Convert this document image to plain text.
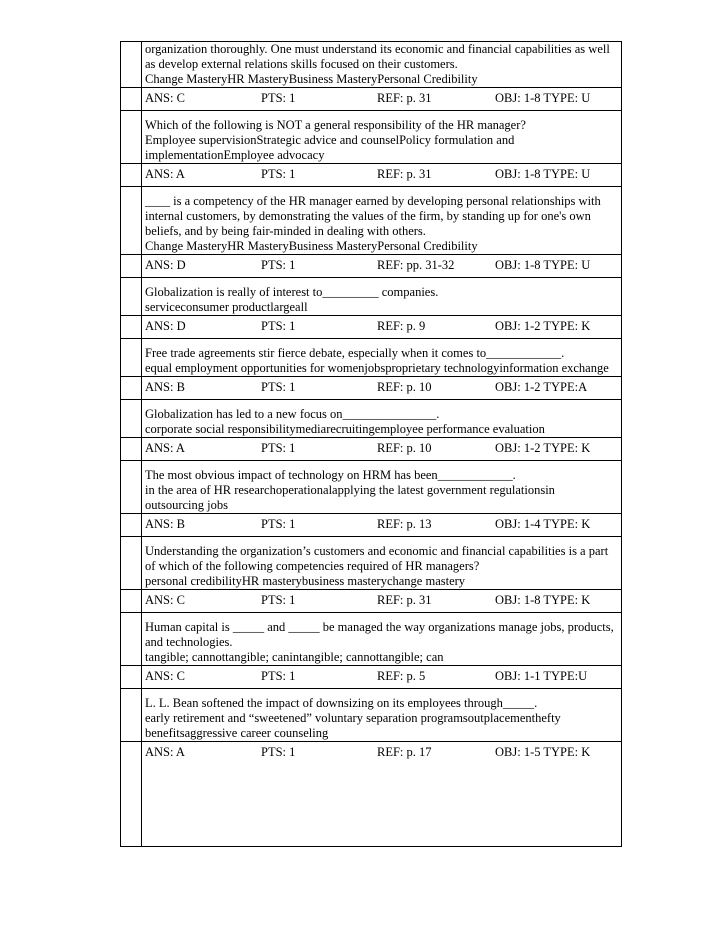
organization thoroughly. One must understand its economic and financial capabilities as well as develop external relations skills focused on their customers.
Change MasteryHR MasteryBusiness MasteryPersonal Credibility
ANS: C	PTS: 1	REF: p. 31	OBJ: 1-8 TYPE: U
Which of the following is NOT a general responsibility of the HR manager?
Employee supervisionStrategic advice and counselPolicy formulation and implementationEmployee advocacy
ANS: A	PTS: 1	REF: p. 31	OBJ: 1-8 TYPE: U
____ is a competency of the HR manager earned by developing personal relationships with internal customers, by demonstrating the values of the firm, by standing up for one's own beliefs, and by being fair-minded in dealing with others.
Change MasteryHR MasteryBusiness MasteryPersonal Credibility
ANS: D	PTS: 1	REF: pp. 31-32	OBJ: 1-8 TYPE: U
Globalization is really of interest to_________ companies.
serviceconsumer productlargeall
ANS: D	PTS: 1	REF: p. 9	OBJ: 1-2 TYPE: K
Free trade agreements stir fierce debate, especially when it comes to____________.
equal employment opportunities for womenjobsproprietary technologyinformation exchange
ANS: B	PTS: 1	REF: p. 10	OBJ: 1-2 TYPE:A
Globalization has led to a new focus on_______________.
corporate social responsibilitymediarecruitingemployee performance evaluation
ANS: A	PTS: 1	REF: p. 10	OBJ: 1-2 TYPE: K
The most obvious impact of technology on HRM has been____________.
in the area of HR researchoperationalapplying the latest government regulationsin outsourcing jobs
ANS: B	PTS: 1	REF: p. 13	OBJ: 1-4 TYPE: K
Understanding the organization’s customers and economic and financial capabilities is a part of which of the following competencies required of HR managers?
personal credibilityHR masterybusiness masterychange mastery
ANS: C	PTS: 1	REF: p. 31	OBJ: 1-8 TYPE: K
Human capital is _____ and _____ be managed the way organizations manage jobs, products, and technologies.
tangible; cannottangible; canintangible; cannottangible; can
ANS: C	PTS: 1	REF: p. 5	OBJ: 1-1 TYPE:U
L. L. Bean softened the impact of downsizing on its employees through_____.
early retirement and “sweetened” voluntary separation programsoutplacementhefty benefitsaggressive career counseling
ANS: A	PTS: 1	REF: p. 17	OBJ: 1-5 TYPE: K
